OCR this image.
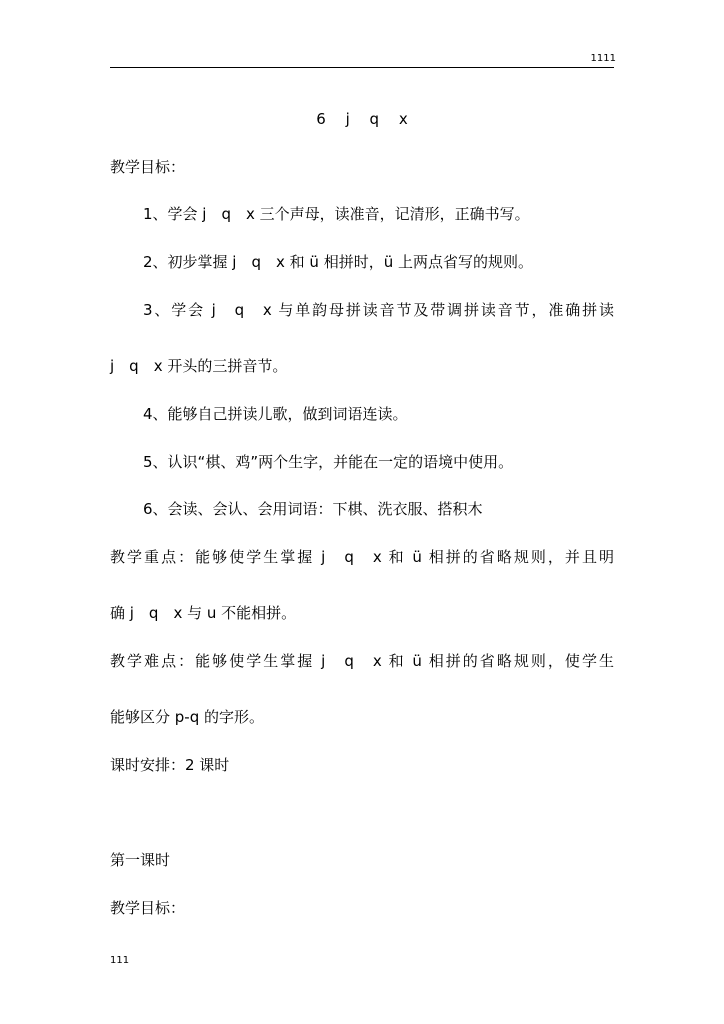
1111
6　 j　 q　 x
教学目标：
1、学会 j　q　x 三个声母，读准音，记清形，正确书写。
2、初步掌握 j　q　x 和 ü 相拼时，ü 上两点省写的规则。
3、学会 j　q　x 与单韵母拼读音节及带调拼读音节，准确拼读
j　q　x 开头的三拼音节。
4、能够自己拼读儿歌，做到词语连读。
5、认识“棋、鸡”两个生字，并能在一定的语境中使用。
6、会读、会认、会用词语：下棋、洗衣服、搭积木
教学重点：能够使学生掌握 j　q　x 和 ü 相拼的省略规则，并且明
确 j　q　x 与 u 不能相拼。
教学难点：能够使学生掌握 j　q　x 和 ü 相拼的省略规则，使学生
能够区分 p-q 的字形。
课时安排：2 课时
第一课时
教学目标：
111
